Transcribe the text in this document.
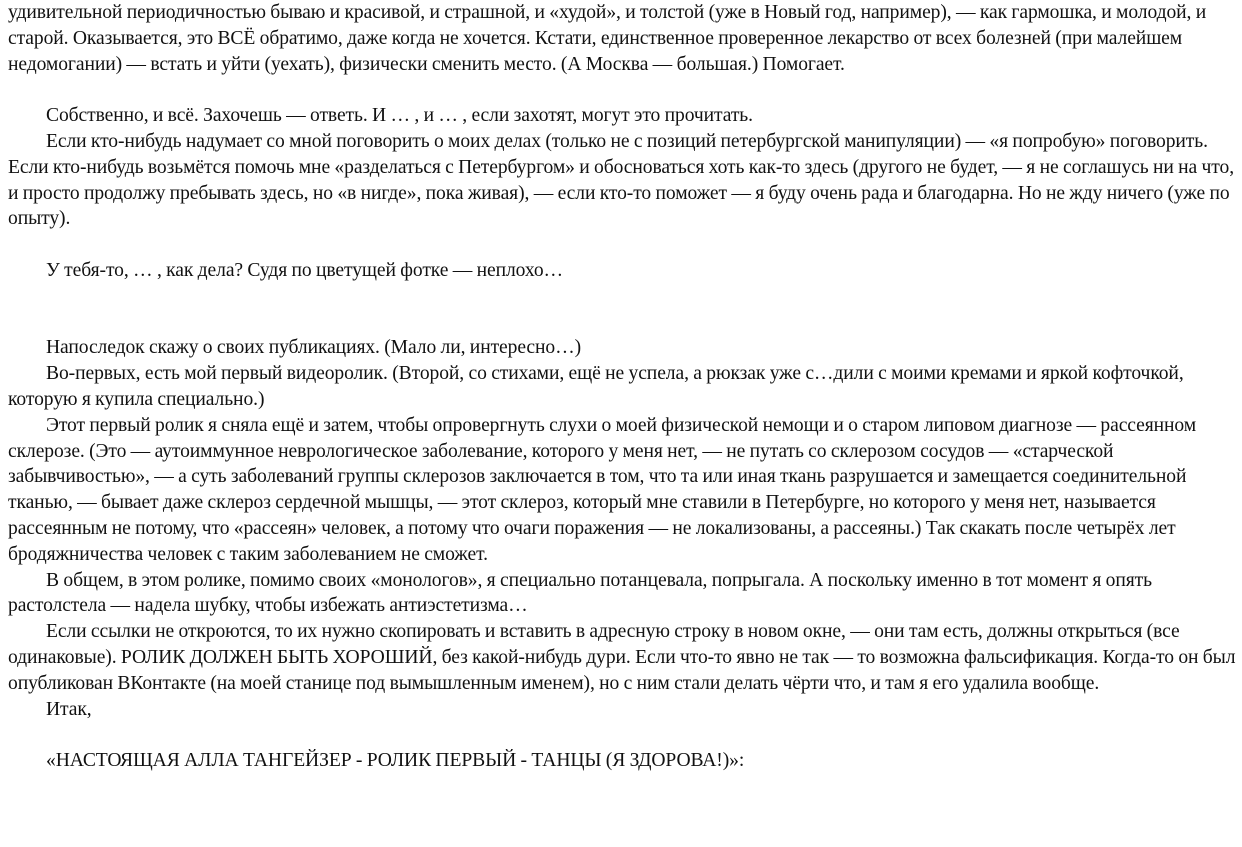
удивительной периодичностью бываю и красивой, и страшной, и «худой», и толстой (уже в Новый год, например), — как гармошка, и молодой, и старой. Оказывается, это ВСЁ обратимо, даже когда не хочется. Кстати, единственное проверенное лекарство от всех болезней (при малейшем недомогании) — встать и уйти (уехать), физически сменить место. (А Москва — большая.) Помогает.

Собственно, и всё. Захочешь — ответь. И … , и … , если захотят, могут это прочитать.

Если кто-нибудь надумает со мной поговорить о моих делах (только не с позиций петербургской манипуляции) — «я попробую» поговорить. Если кто-нибудь возьмётся помочь мне «разделаться с Петербургом» и обосноваться хоть как-то здесь (другого не будет, — я не соглашусь ни на что, и просто продолжу пребывать здесь, но «в нигде», пока живая), — если кто-то поможет — я буду очень рада и благодарна. Но не жду ничего (уже по опыту).

У тебя-то, … , как дела? Судя по цветущей фотке — неплохо…

Напоследок скажу о своих публикациях. (Мало ли, интересно…)

Во-первых, есть мой первый видеоролик. (Второй, со стихами, ещё не успела, а рюкзак уже с…дили с моими кремами и яркой кофточкой, которую я купила специально.)

Этот первый ролик я сняла ещё и затем, чтобы опровергнуть слухи о моей физической немощи и о старом липовом диагнозе — рассеянном склерозе. (Это — аутоиммунное неврологическое заболевание, которого у меня нет, — не путать со склерозом сосудов — «старческой забывчивостью», — а суть заболеваний группы склерозов заключается в том, что та или иная ткань разрушается и замещается соединительной тканью, — бывает даже склероз сердечной мышцы, — этот склероз, который мне ставили в Петербурге, но которого у меня нет, называется рассеянным не потому, что «рассеян» человек, а потому что очаги поражения — не локализованы, а рассеяны.) Так скакать после четырёх лет бродяжничества человек с таким заболеванием не сможет.

В общем, в этом ролике, помимо своих «монологов», я специально потанцевала, попрыгала. А поскольку именно в тот момент я опять растолстела — надела шубку, чтобы избежать антиэстетизма…

Если ссылки не откроются, то их нужно скопировать и вставить в адресную строку в новом окне, — они там есть, должны открыться (все одинаковые). РОЛИК ДОЛЖЕН БЫТЬ ХОРОШИЙ, без какой-нибудь дури. Если что-то явно не так — то возможна фальсификация. Когда-то он был опубликован ВКонтакте (на моей станице под вымышленным именем), но с ним стали делать чёрти что, и там я его удалила вообще.

Итак,

«НАСТОЯЩАЯ АЛЛА ТАНГЕЙЗЕР - РОЛИК ПЕРВЫЙ - ТАНЦЫ (Я ЗДОРОВА!)»:
